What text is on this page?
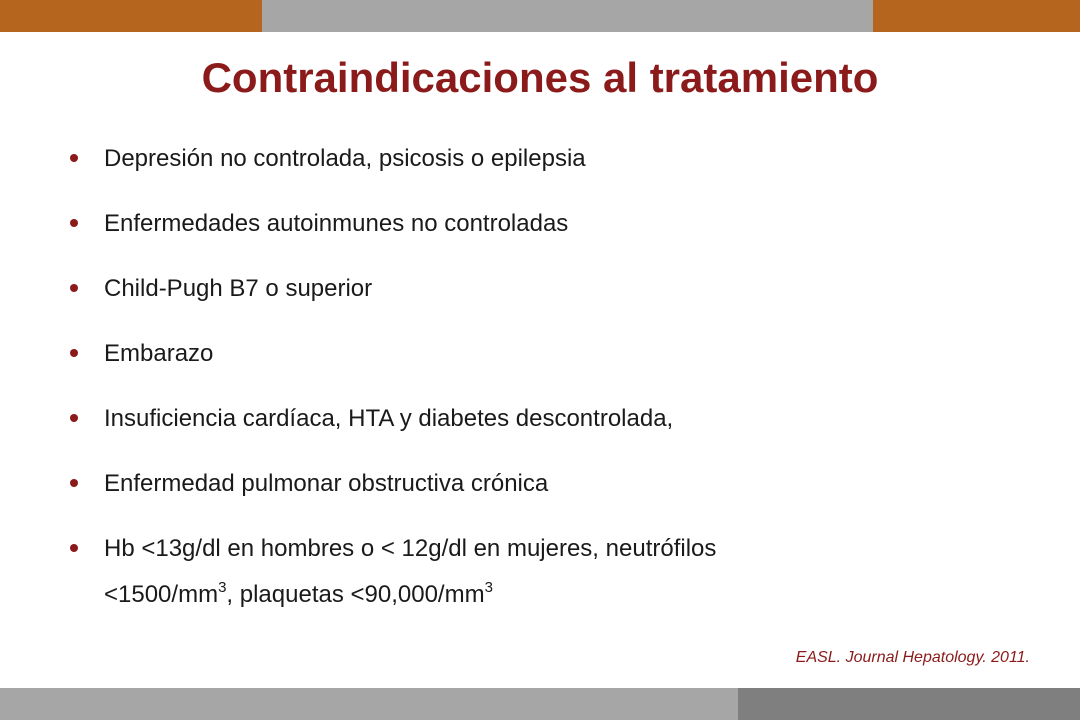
Contraindicaciones al tratamiento
Depresión no controlada, psicosis o epilepsia
Enfermedades autoinmunes no controladas
Child-Pugh B7 o superior
Embarazo
Insuficiencia cardíaca, HTA y diabetes descontrolada,
Enfermedad pulmonar obstructiva crónica
Hb <13g/dl en hombres o < 12g/dl en mujeres, neutrófilos
$<1500/mm^3$, plaquetas $<90,000/mm^3$
EASL. Journal Hepatology. 2011.
